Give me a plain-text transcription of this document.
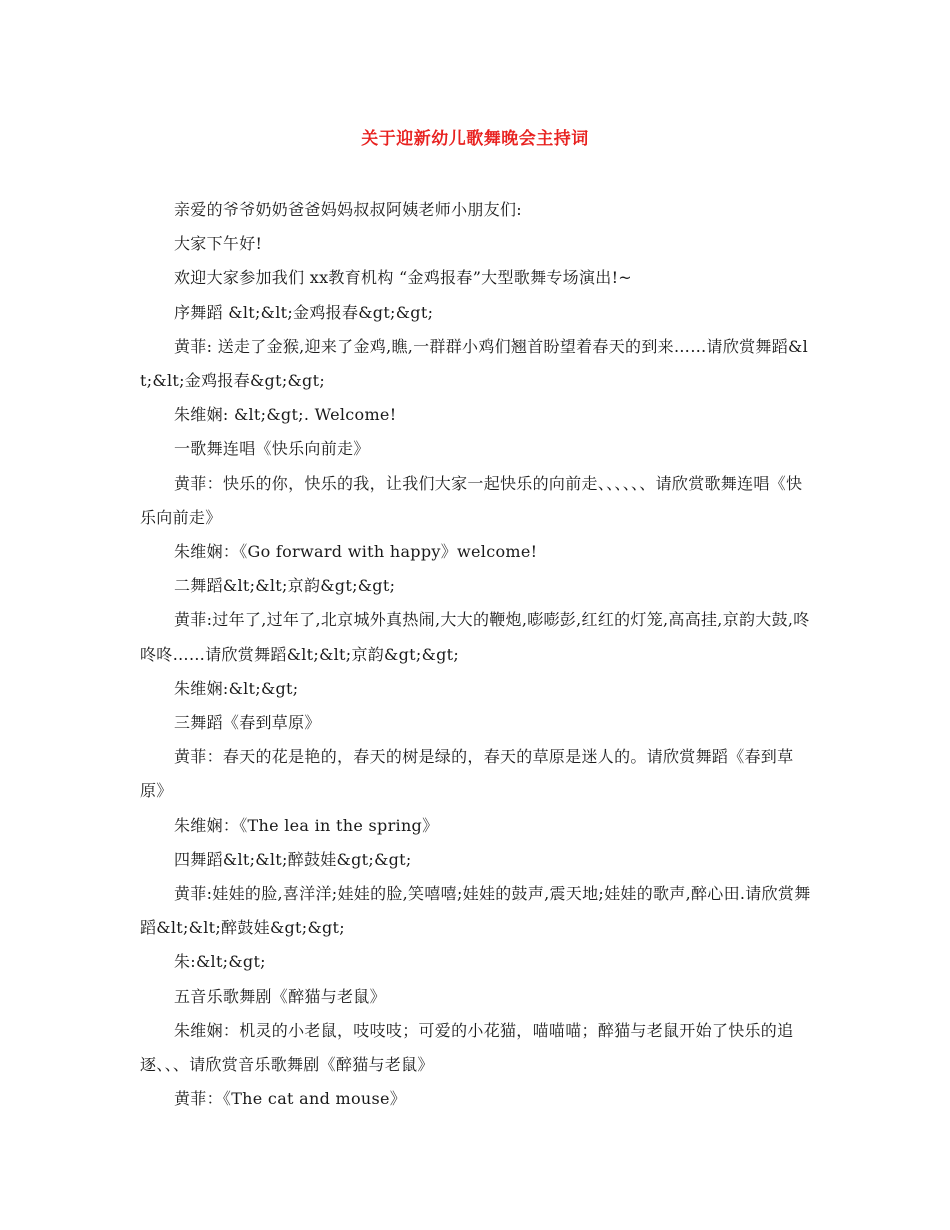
关于迎新幼儿歌舞晚会主持词

亲爱的爷爷奶奶爸爸妈妈叔叔阿姨老师小朋友们:

大家下午好!

欢迎大家参加我们 xx教育机构 “金鸡报春”大型歌舞专场演出!~

序舞蹈 &lt;&lt;金鸡报春&gt;&gt;

黄菲: 送走了金猴,迎来了金鸡,瞧,一群群小鸡们翘首盼望着春天的到来……请欣赏舞蹈&lt;&lt;金鸡报春&gt;&gt;

朱维娴: &lt;&gt;. Welcome!

一歌舞连唱《快乐向前走》

黄菲：快乐的你，快乐的我，让我们大家一起快乐的向前走、、、、、、请欣赏歌舞连唱《快乐向前走》

朱维娴：《Go forward with happy》welcome!

二舞蹈&lt;&lt;京韵&gt;&gt;

黄菲:过年了,过年了,北京城外真热闹,大大的鞭炮,嘭嘭彭,红红的灯笼,高高挂,京韵大鼓,咚咚咚……请欣赏舞蹈&lt;&lt;京韵&gt;&gt;

朱维娴:&lt;&gt;

三舞蹈《春到草原》

黄菲：春天的花是艳的，春天的树是绿的，春天的草原是迷人的。请欣赏舞蹈《春到草原》

朱维娴：《The lea in the spring》

四舞蹈&lt;&lt;醉鼓娃&gt;&gt;

黄菲:娃娃的脸,喜洋洋;娃娃的脸,笑嘻嘻;娃娃的鼓声,震天地;娃娃的歌声,醉心田.请欣赏舞蹈&lt;&lt;醉鼓娃&gt;&gt;

朱:&lt;&gt;

五音乐歌舞剧《醉猫与老鼠》

朱维娴：机灵的小老鼠，吱吱吱；可爱的小花猫，喵喵喵；醉猫与老鼠开始了快乐的追逐、、、请欣赏音乐歌舞剧《醉猫与老鼠》

黄菲：《The cat and mouse》
